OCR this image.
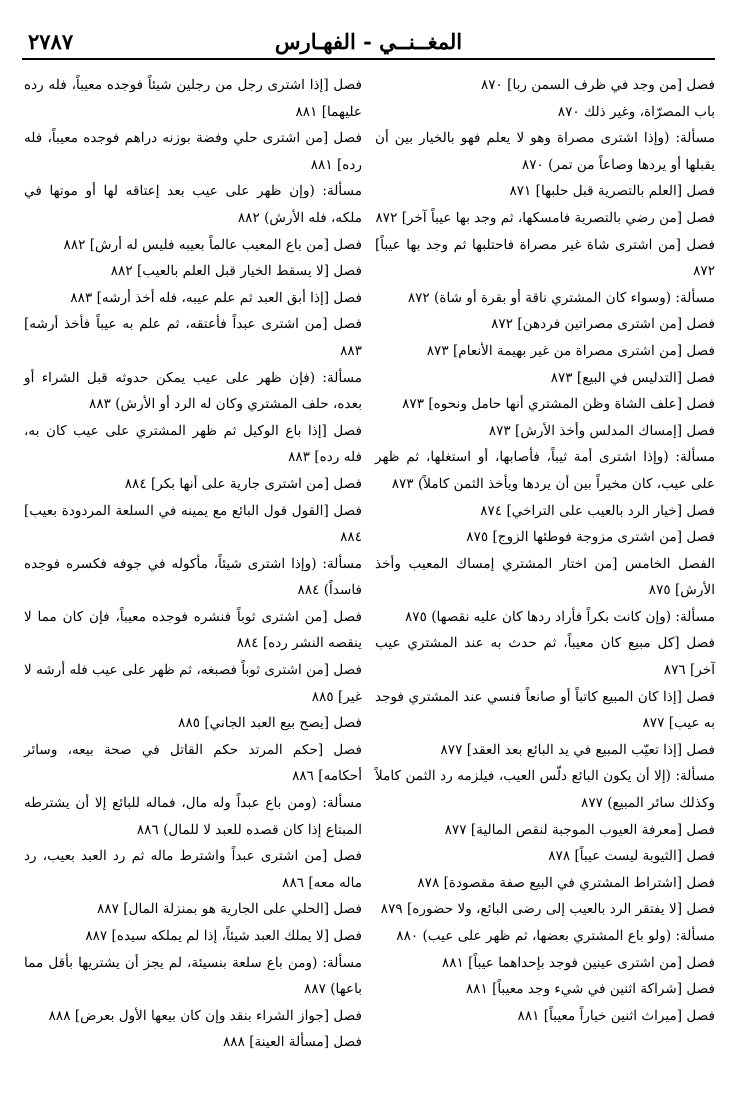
المغــنــي - الفهـارس
٢٧٨٧

فصل [من وجد في ظرف السمن ربا] ٨٧٠

باب المصرّاة، وغير ذلك ٨٧٠

مسألة: (وإذا اشترى مصراة وهو لا يعلم فهو بالخيار بين أن يقبلها أو يردها وصاعاً من تمر) ٨٧٠

فصل [العلم بالتصرية قبل حلبها] ٨٧١

فصل [من رضي بالتصرية فامسكها، ثم وجد بها عيباً آخر] ٨٧٢

فصل [من اشترى شاة غير مصراة فاحتلبها ثم وجد بها عيباً] ٨٧٢

مسألة: (وسواء كان المشتري ناقة أو بقرة أو شاة) ٨٧٢

فصل [من اشترى مصراتين فردهن] ٨٧٢

فصل [من اشترى مصراة من غير بهيمة الأنعام] ٨٧٣

فصل [التدليس في البيع] ٨٧٣

فصل [علف الشاة وظن المشتري أنها حامل ونحوه] ٨٧٣

فصل [إمساك المدلس وأخذ الأرش] ٨٧٣

مسألة: (وإذا اشترى أمة ثيباً، فأصابها، أو استغلها، ثم ظهر على عيب، كان مخيراً بين أن يردها ويأخذ الثمن كاملاً) ٨٧٣

فصل [خيار الرد بالعيب على التراخي] ٨٧٤

فصل [من اشترى مزوجة فوطئها الزوج] ٨٧٥

الفصل الخامس [من اختار المشتري إمساك المعيب وأخذ الأرش] ٨٧٥

مسألة: (وإن كانت بكراً فأراد ردها كان عليه نقصها) ٨٧٥

فصل [كل مبيع كان معيباً، ثم حدث به عند المشتري عيب آخر] ٨٧٦

فصل [إذا كان المبيع كاتباً أو صانعاً فنسي عند المشتري فوجد به عيب] ٨٧٧

فصل [إذا تعيّب المبيع في يد البائع بعد العقد] ٨٧٧

مسألة: (إلا أن يكون البائع دلّس العيب، فيلزمه رد الثمن كاملاً وكذلك سائر المبيع) ٨٧٧

فصل [معرفة العيوب الموجبة لنقص المالية] ٨٧٧

فصل [الثيوبة ليست عيباً] ٨٧٨

فصل [اشتراط المشتري في البيع صفة مقصودة] ٨٧٨

فصل [لا يفتقر الرد بالعيب إلى رضى البائع، ولا حضوره] ٨٧٩

مسألة: (ولو باع المشتري بعضها، ثم ظهر على عيب) ٨٨٠

فصل [من اشترى عينين فوجد بإحداهما عيباً] ٨٨١

فصل [شراكة اثنين في شيء وجد معيباً] ٨٨١

فصل [ميراث اثنين خياراً معيباً] ٨٨١

فصل [إذا اشترى رجل من رجلين شيئاً فوجده معيباً، فله رده عليهما] ٨٨١

فصل [من اشترى حلي وفضة بوزنه دراهم فوجده معيباً، فله رده] ٨٨١

مسألة: (وإن ظهر على عيب بعد إعتاقه لها أو موتها في ملكه، فله الأرش) ٨٨٢

فصل [من باع المعيب عالماً بعيبه فليس له أرش] ٨٨٢

فصل [لا يسقط الخيار قبل العلم بالعيب] ٨٨٢

فصل [إذا أبق العبد ثم علم عيبه، فله أخذ أرشه] ٨٨٣

فصل [من اشترى عبداً فأعتقه، ثم علم به عيباً فأخذ أرشه] ٨٨٣

مسألة: (فإن ظهر على عيب يمكن حدوثه قبل الشراء أو بعده، حلف المشتري وكان له الرد أو الأرش) ٨٨٣

فصل [إذا باع الوكيل ثم ظهر المشتري على عيب كان به، فله رده] ٨٨٣

فصل [من اشترى جارية على أنها بكر] ٨٨٤

فصل [القول قول البائع مع يمينه في السلعة المردودة بعيب] ٨٨٤

مسألة: (وإذا اشترى شيئاً، مأكوله في جوفه فكسره فوجده فاسداً) ٨٨٤

فصل [من اشترى ثوباً فنشره فوجده معيباً، فإن كان مما لا ينقصه النشر رده] ٨٨٤

فصل [من اشترى ثوباً فصبغه، ثم ظهر على عيب فله أرشه لا غير] ٨٨٥

فصل [يصح بيع العبد الجاني] ٨٨٥

فصل [حكم المرتد حكم القاتل في صحة بيعه، وسائر أحكامه] ٨٨٦

مسألة: (ومن باع عبداً وله مال، فماله للبائع إلا أن يشترطه المبتاع إذا كان قصده للعبد لا للمال) ٨٨٦

فصل [من اشترى عبداً واشترط ماله ثم رد العبد بعيب، رد ماله معه] ٨٨٦

فصل [الحلي على الجارية هو بمنزلة المال] ٨٨٧

فصل [لا يملك العبد شيئاً، إذا لم يملكه سيده] ٨٨٧

مسألة: (ومن باع سلعة بنسيئة، لم يجز أن يشتريها بأقل مما باعها) ٨٨٧

فصل [جواز الشراء بنقد وإن كان بيعها الأول بعرض] ٨٨٨

فصل [مسألة العينة] ٨٨٨
